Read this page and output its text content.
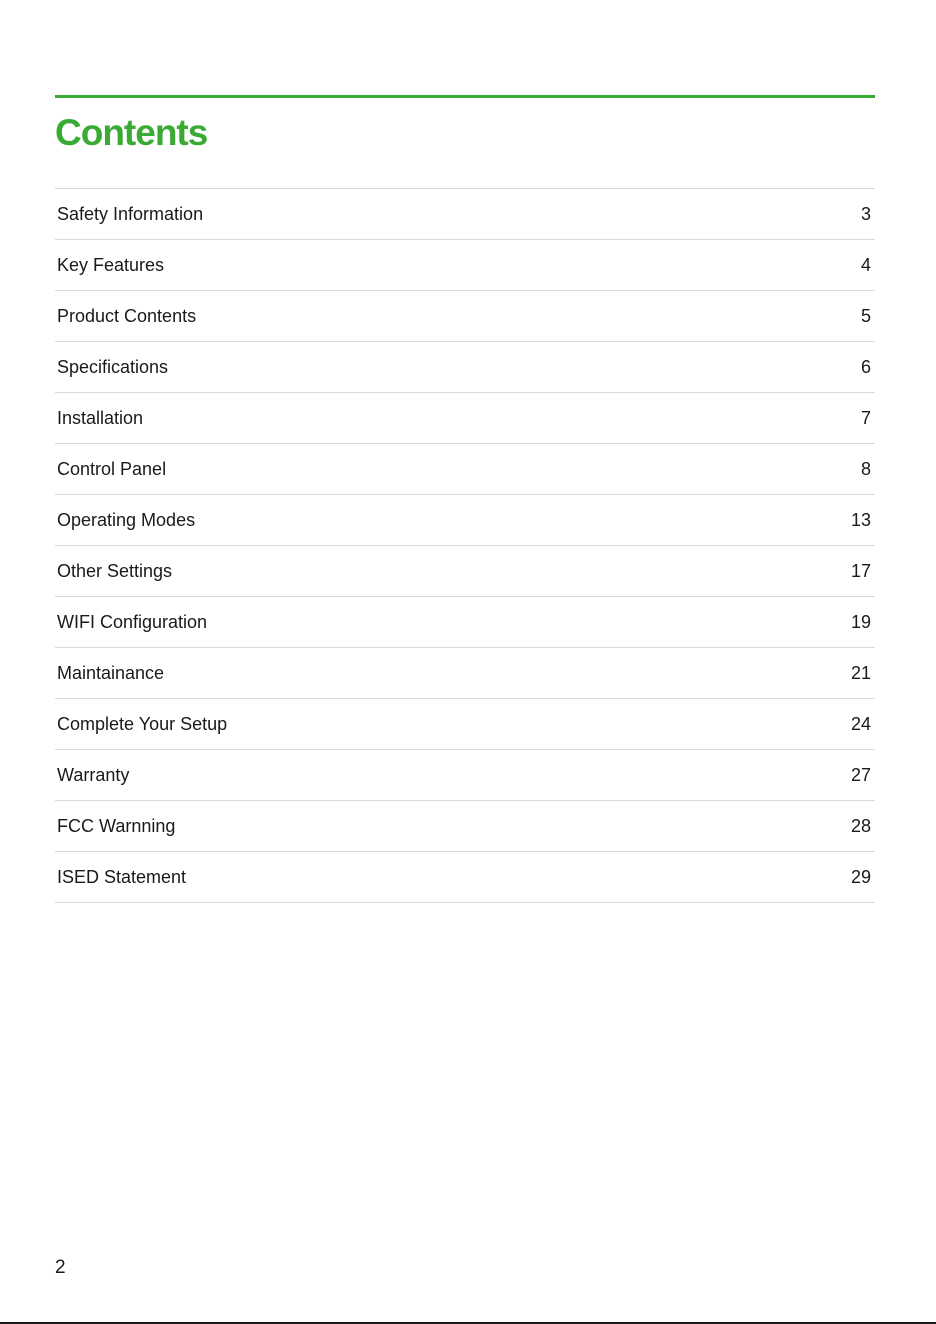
Contents
Safety Information	3
Key Features	4
Product Contents	5
Specifications	6
Installation	7
Control Panel	8
Operating Modes	13
Other Settings	17
WIFI Configuration	19
Maintainance	21
Complete Your Setup	24
Warranty	27
FCC Warnning	28
ISED Statement	29
2
